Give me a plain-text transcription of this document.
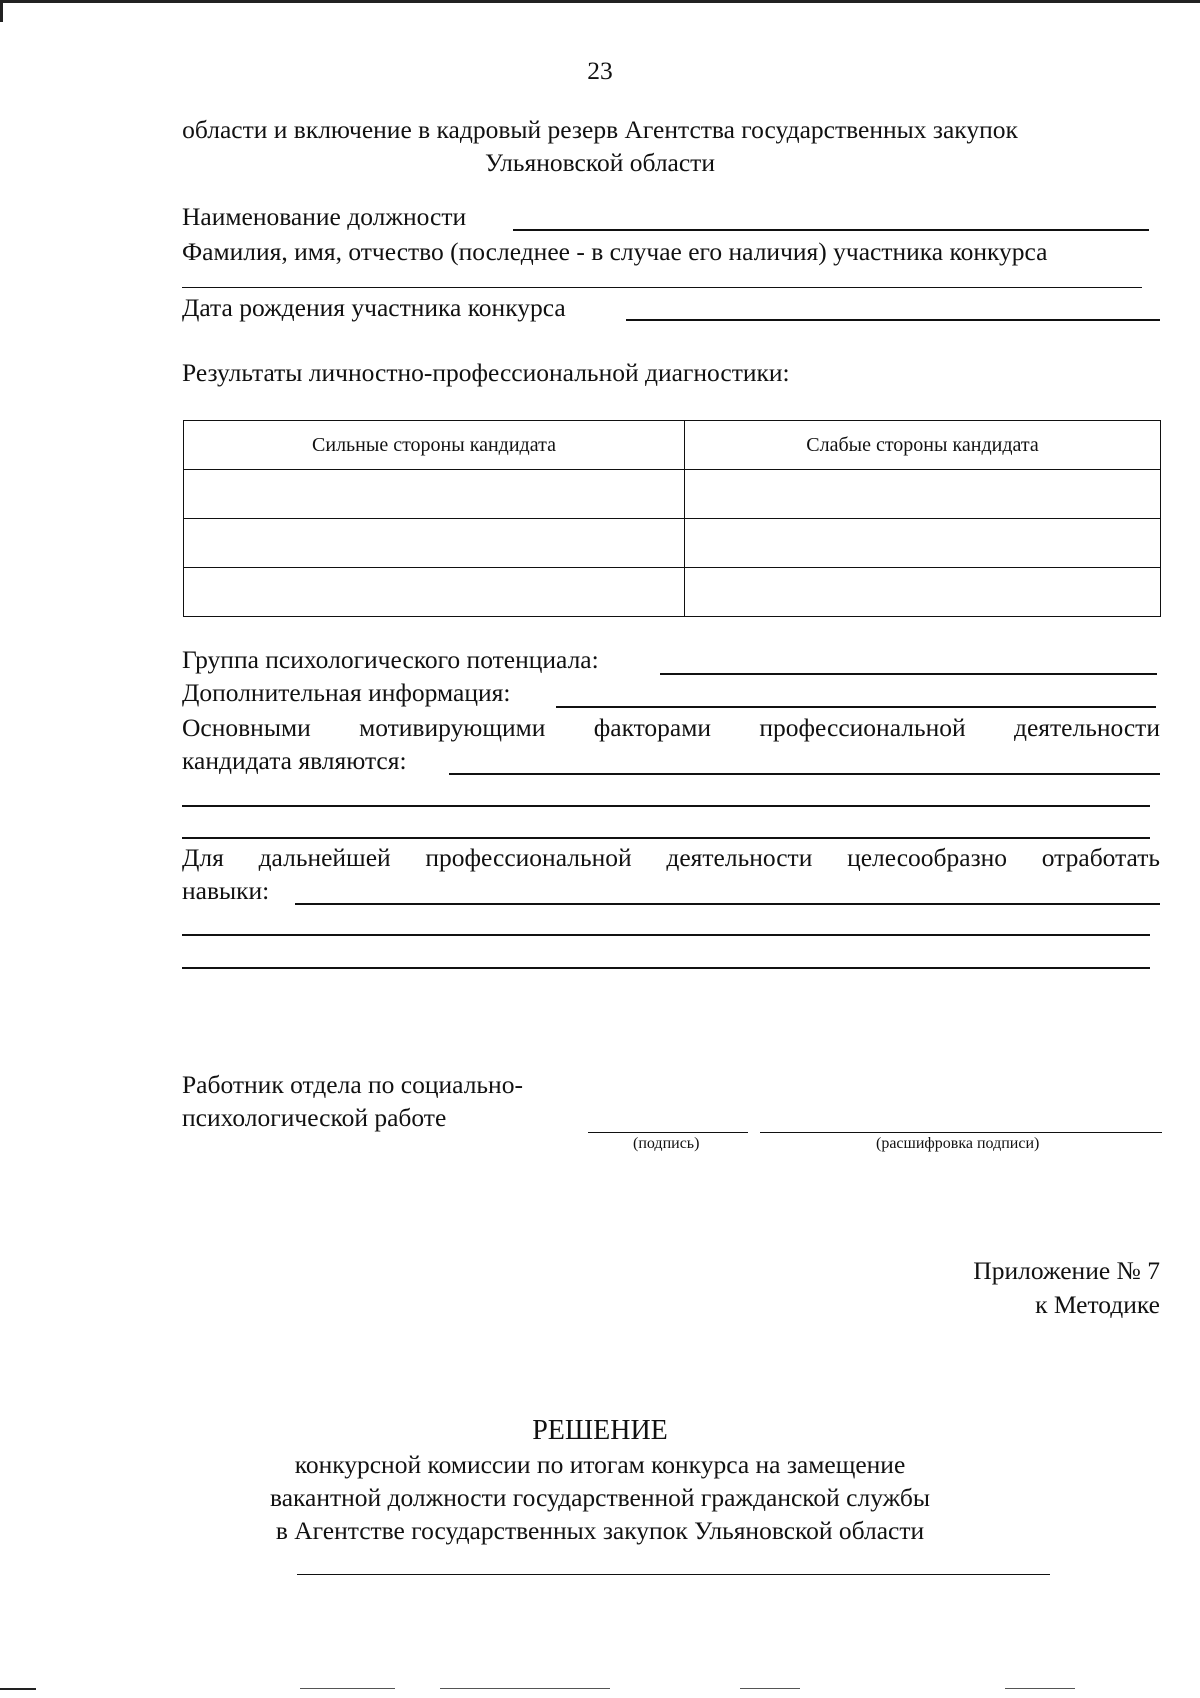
23
области и включение в кадровый резерв Агентства государственных закупок
Ульяновской области
Наименование должности
Фамилия, имя, отчество (последнее - в случае его наличия) участника конкурса
Дата рождения участника конкурса
Результаты личностно-профессиональной диагностики:
Сильные стороны кандидата	Слабые стороны кандидата

Группа психологического потенциала:
Дополнительная информация:
Основными мотивирующими факторами профессиональной деятельности
кандидата являются:
Для дальнейшей профессиональной деятельности целесообразно отработать
навыки:
Работник отдела по социально-
психологической работе
(подпись)	(расшифровка подписи)
Приложение № 7
к Методике
РЕШЕНИЕ
конкурсной комиссии по итогам конкурса на замещение
вакантной должности государственной гражданской службы
в Агентстве государственных закупок Ульяновской области
